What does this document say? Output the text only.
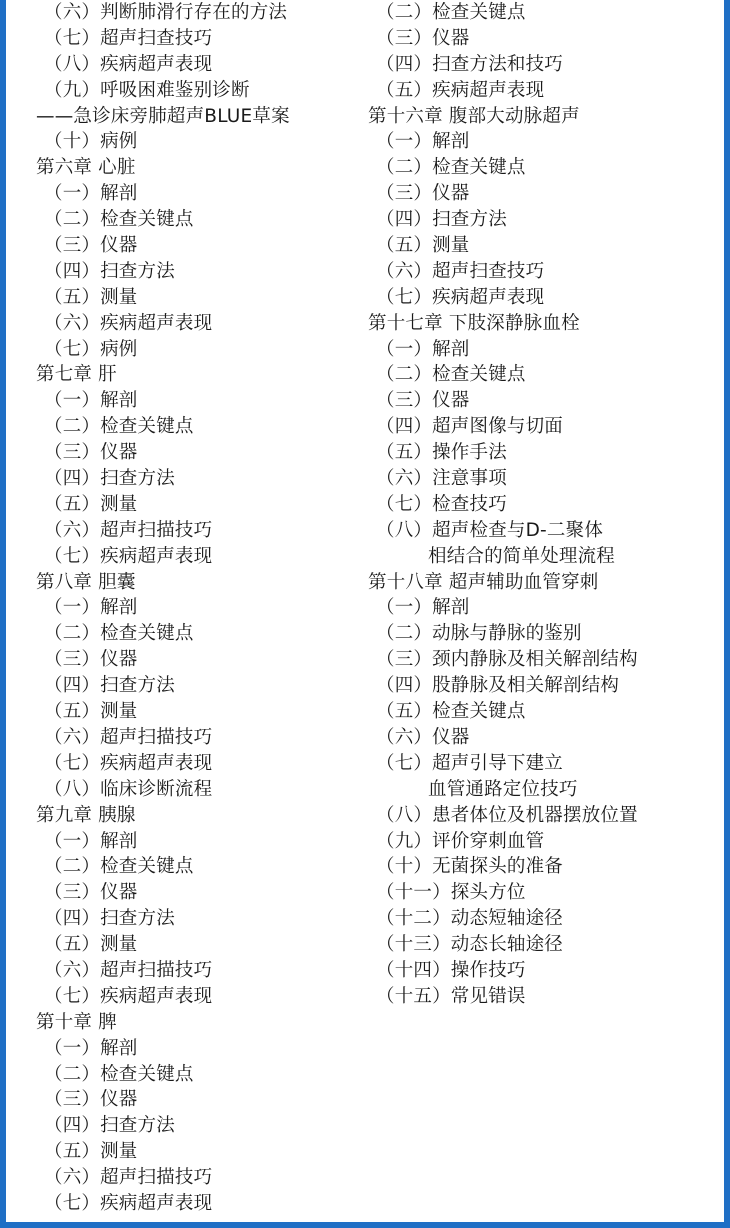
（六）判断肺滑行存在的方法
（七）超声扫查技巧
（八）疾病超声表现
（九）呼吸困难鉴别诊断
——急诊床旁肺超声BLUE草案
（十）病例
第六章 心脏
（一）解剖
（二）检查关键点
（三）仪器
（四）扫查方法
（五）测量
（六）疾病超声表现
（七）病例
第七章 肝
（一）解剖
（二）检查关键点
（三）仪器
（四）扫查方法
（五）测量
（六）超声扫描技巧
（七）疾病超声表现
第八章 胆囊
（一）解剖
（二）检查关键点
（三）仪器
（四）扫查方法
（五）测量
（六）超声扫描技巧
（七）疾病超声表现
（八）临床诊断流程
第九章 胰腺
（一）解剖
（二）检查关键点
（三）仪器
（四）扫查方法
（五）测量
（六）超声扫描技巧
（七）疾病超声表现
第十章 脾
（一）解剖
（二）检查关键点
（三）仪器
（四）扫查方法
（五）测量
（六）超声扫描技巧
（七）疾病超声表现
（二）检查关键点
（三）仪器
（四）扫查方法和技巧
（五）疾病超声表现
第十六章 腹部大动脉超声
（一）解剖
（二）检查关键点
（三）仪器
（四）扫查方法
（五）测量
（六）超声扫查技巧
（七）疾病超声表现
第十七章 下肢深静脉血栓
（一）解剖
（二）检查关键点
（三）仪器
（四）超声图像与切面
（五）操作手法
（六）注意事项
（七）检查技巧
（八）超声检查与D-二聚体
相结合的简单处理流程
第十八章 超声辅助血管穿刺
（一）解剖
（二）动脉与静脉的鉴别
（三）颈内静脉及相关解剖结构
（四）股静脉及相关解剖结构
（五）检查关键点
（六）仪器
（七）超声引导下建立
血管通路定位技巧
（八）患者体位及机器摆放位置
（九）评价穿刺血管
（十）无菌探头的准备
（十一）探头方位
（十二）动态短轴途径
（十三）动态长轴途径
（十四）操作技巧
（十五）常见错误
